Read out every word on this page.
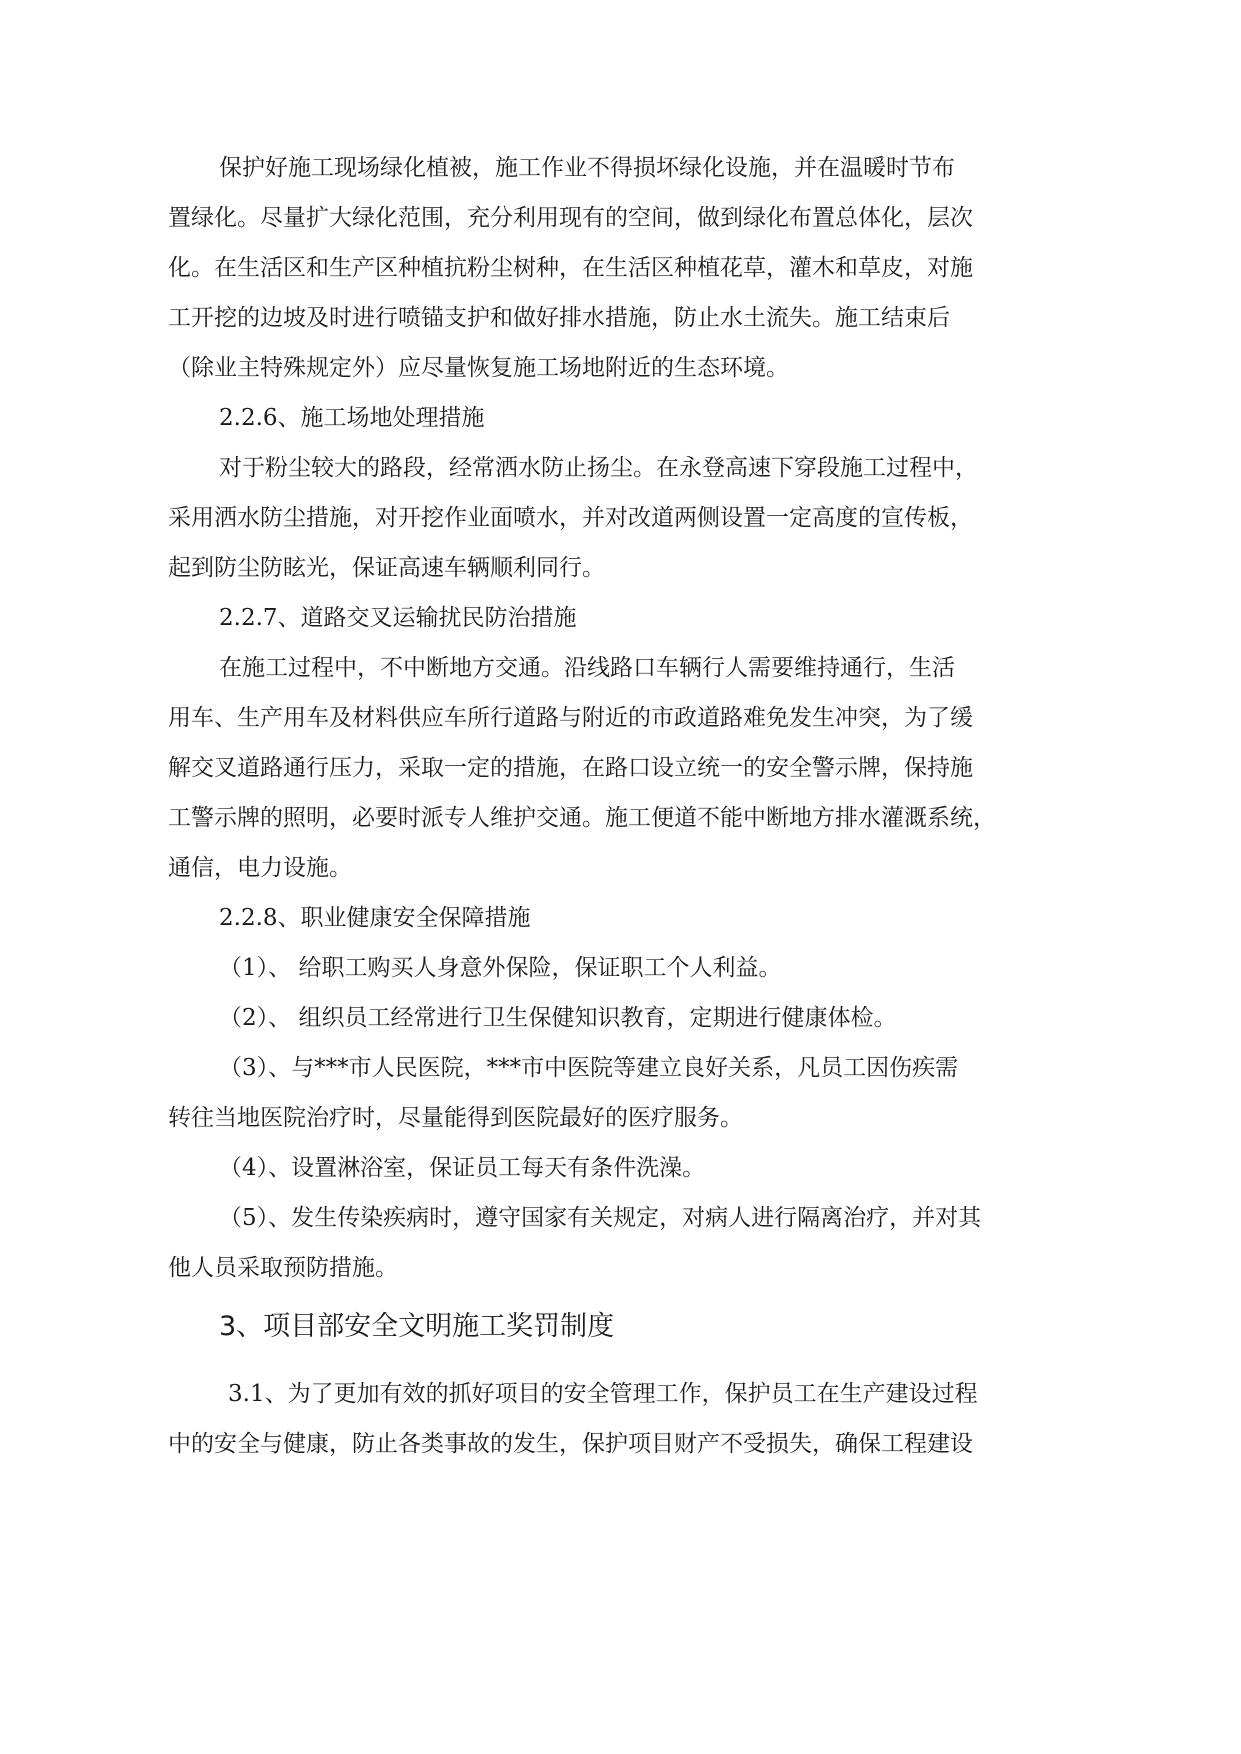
保护好施工现场绿化植被，施工作业不得损坏绿化设施，并在温暖时节布
置绿化。尽量扩大绿化范围，充分利用现有的空间，做到绿化布置总体化，层次
化。在生活区和生产区种植抗粉尘树种，在生活区种植花草，灌木和草皮，对施
工开挖的边坡及时进行喷锚支护和做好排水措施，防止水土流失。施工结束后
（除业主特殊规定外）应尽量恢复施工场地附近的生态环境。
2.2.6、施工场地处理措施
对于粉尘较大的路段，经常洒水防止扬尘。在永登高速下穿段施工过程中，
采用洒水防尘措施，对开挖作业面喷水，并对改道两侧设置一定高度的宣传板，
起到防尘防眩光，保证高速车辆顺利同行。
2.2.7、道路交叉运输扰民防治措施
在施工过程中，不中断地方交通。沿线路口车辆行人需要维持通行，生活
用车、生产用车及材料供应车所行道路与附近的市政道路难免发生冲突，为了缓
解交叉道路通行压力，采取一定的措施，在路口设立统一的安全警示牌，保持施
工警示牌的照明，必要时派专人维护交通。施工便道不能中断地方排水灌溉系统，
通信，电力设施。
2.2.8、职业健康安全保障措施
（1）、 给职工购买人身意外保险，保证职工个人利益。
（2）、 组织员工经常进行卫生保健知识教育，定期进行健康体检。
（3）、与***市人民医院，***市中医院等建立良好关系，凡员工因伤疾需
转往当地医院治疗时，尽量能得到医院最好的医疗服务。
（4）、设置淋浴室，保证员工每天有条件洗澡。
（5）、发生传染疾病时，遵守国家有关规定，对病人进行隔离治疗，并对其
他人员采取预防措施。
3、项目部安全文明施工奖罚制度
3.1、为了更加有效的抓好项目的安全管理工作，保护员工在生产建设过程
中的安全与健康，防止各类事故的发生，保护项目财产不受损失，确保工程建设
